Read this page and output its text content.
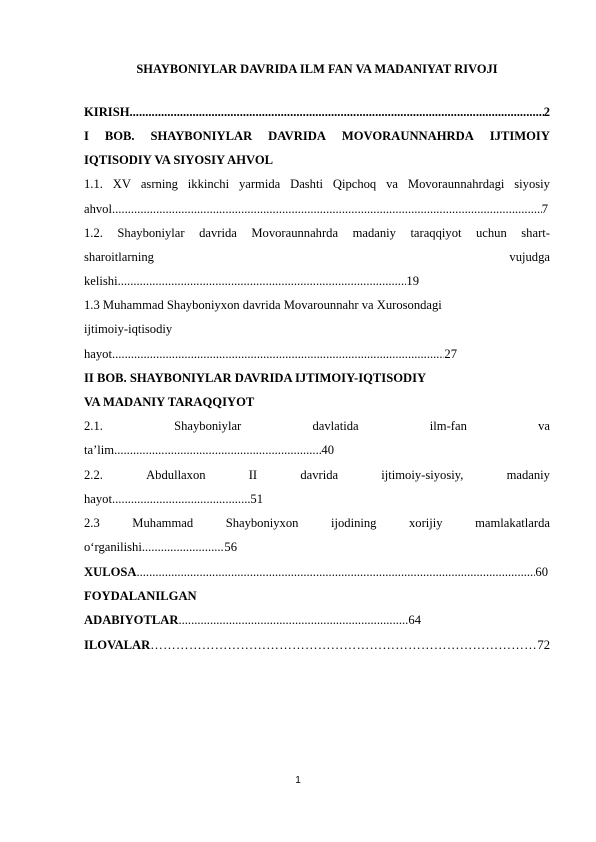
SHAYBONIYLAR DAVRIDA ILM FAN VA MADANIYAT RIVOJI
KIRISH .....	2
I BOB. SHAYBONIYLAR DAVRIDA MOVORAUNNAHRDA IJTIMOIY
IQTISODIY VA SIYOSIY AHVOL
1.1. XV asrning ikkinchi yarmida Dashti Qipchoq va Movoraunnahrdagi siyosiy
ahvol .....	7
1.2. Shayboniylar davrida Movoraunnahrda madaniy taraqqiyot uchun shart-
sharoitlarning	vujudga
kelishi .....	19
1.3 Muhammad Shayboniyxon davrida Movarounnahr va Xurosondagi
ijtimoiy-iqtisodiy
hayot .....	27
II BOB. SHAYBONIYLAR DAVRIDA IJTIMOIY-IQTISODIY
VA MADANIY TARAQQIYOT
2.1.	Shayboniylar	davlatida	ilm-fan	va
ta’lim .....	40
2.2.	Abdullaxon	II	davrida	ijtimoiy-siyosiy,	madaniy
hayot .....	51
2.3	Muhammad	Shayboniyxon	ijodining	xorijiy	mamlakatlarda
o‘rganilishi .....	56
XULOSA .....	60
FOYDALANILGAN
ADABIYOTLAR .....	64
ILOVALAR …………………………………………………………………………………………………………………………	72
1
